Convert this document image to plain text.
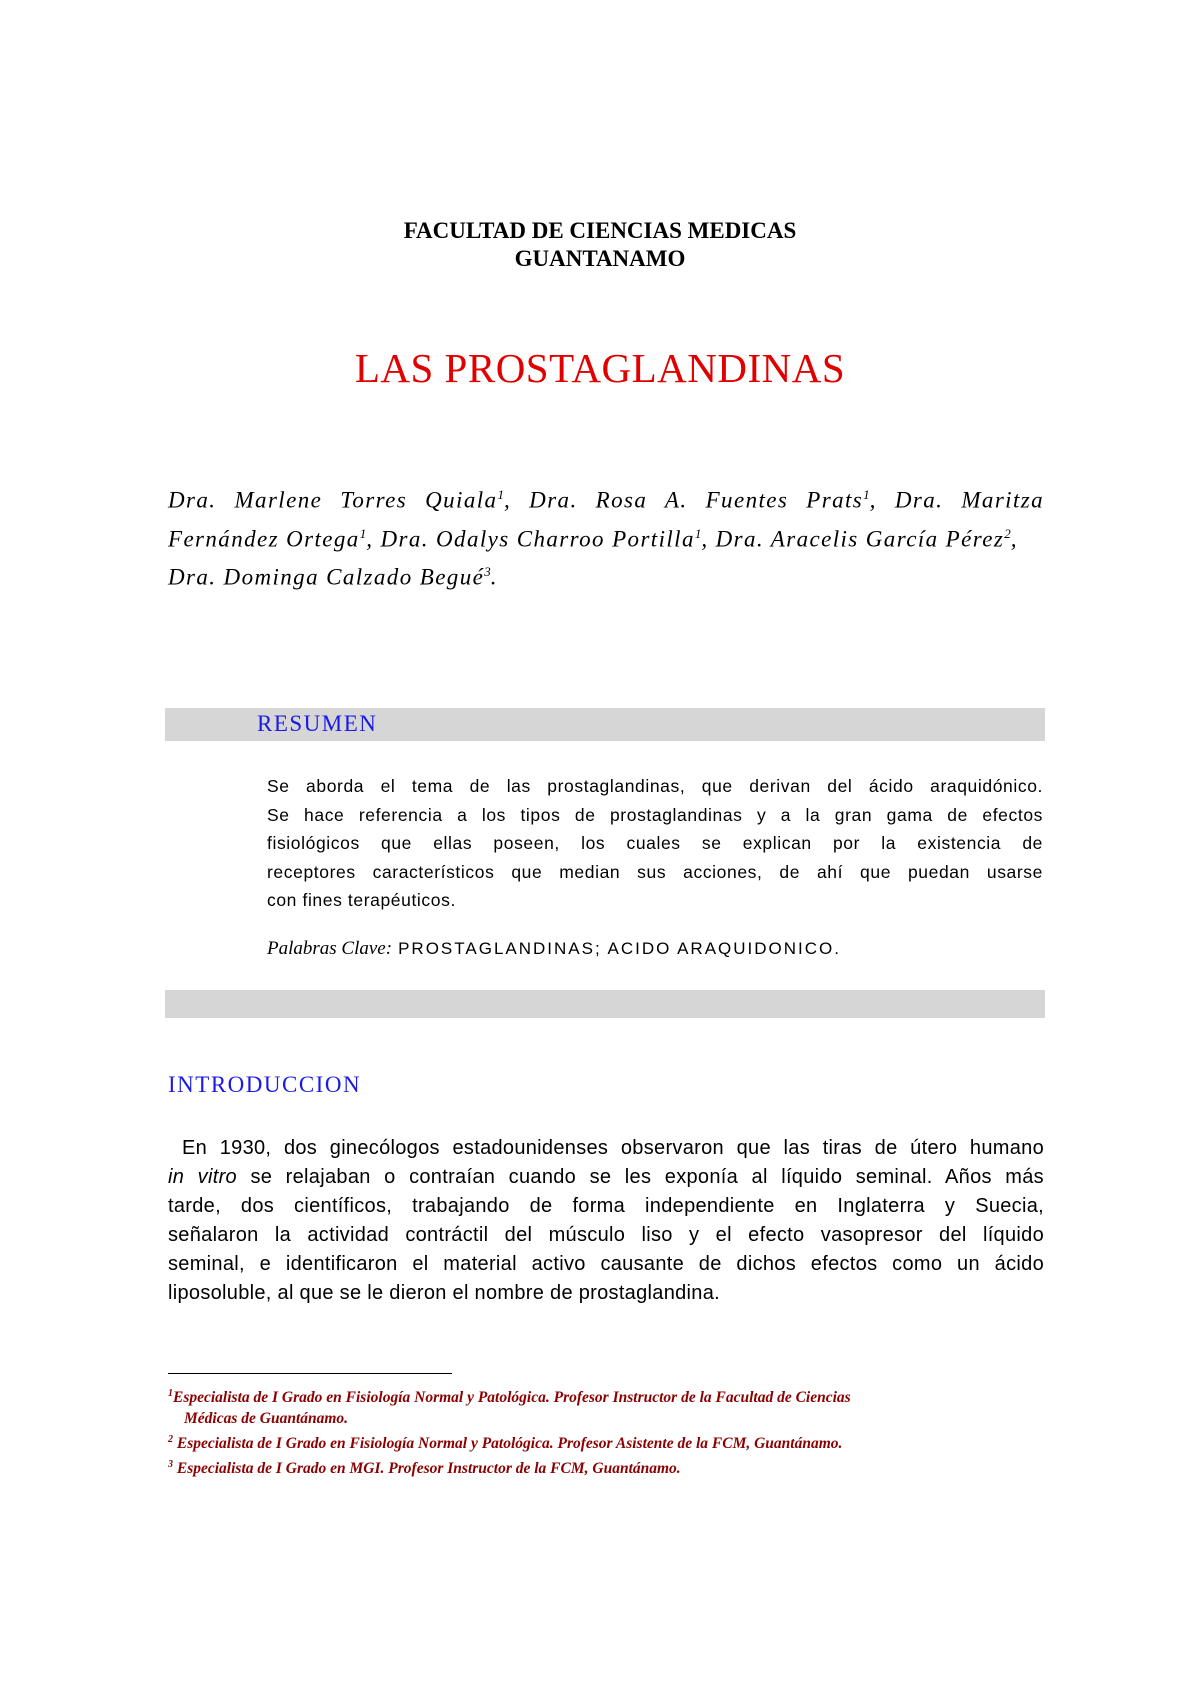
FACULTAD DE CIENCIAS MEDICAS
GUANTANAMO
LAS PROSTAGLANDINAS
Dra. Marlene Torres Quiala$^1$, Dra. Rosa A. Fuentes Prats$^1$, Dra. Maritza
Fernández Ortega$^1$, Dra. Odalys Charroo Portilla$^1$, Dra. Aracelis García Pérez$^2$,
Dra. Dominga Calzado Begué$^3$.
RESUMEN
Se aborda el tema de las prostaglandinas, que derivan del ácido araquidónico.
Se hace referencia a los tipos de prostaglandinas y a la gran gama de efectos
fisiológicos que ellas poseen, los cuales se explican por la existencia de
receptores característicos que median sus acciones, de ahí que puedan usarse
con fines terapéuticos.
Palabras Clave: PROSTAGLANDINAS; ACIDO ARAQUIDONICO.
INTRODUCCION
En 1930, dos ginecólogos estadounidenses observaron que las tiras de útero humano
in vitro se relajaban o contraían cuando se les exponía al líquido seminal. Años más
tarde, dos científicos, trabajando de forma independiente en Inglaterra y Suecia,
señalaron la actividad contráctil del músculo liso y el efecto vasopresor del líquido
seminal, e identificaron el material activo causante de dichos efectos como un ácido
liposoluble, al que se le dieron el nombre de prostaglandina.
$^1$Especialista de I Grado en Fisiología Normal y Patológica. Profesor Instructor de la Facultad de Ciencias
Médicas de Guantánamo.
$^2$ Especialista de I Grado en Fisiología Normal y Patológica. Profesor Asistente de la FCM, Guantánamo.
$^3$ Especialista de I Grado en MGI. Profesor Instructor de la FCM, Guantánamo.
